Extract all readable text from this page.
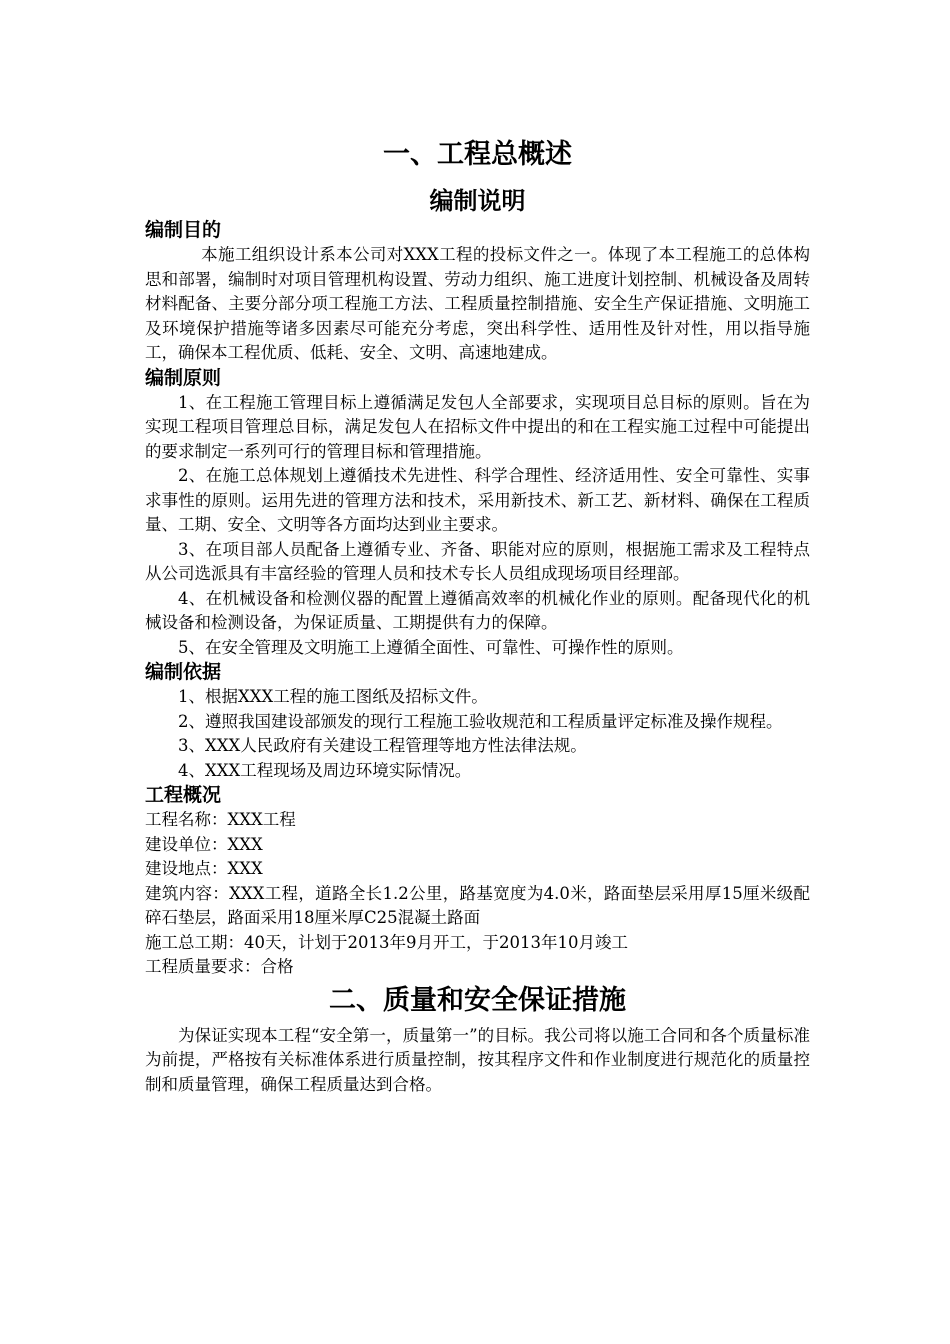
一、工程总概述
编制说明
编制目的

本施工组织设计系本公司对XXX工程的投标文件之一。体现了本工程施工的总体构思和部署，编制时对项目管理机构设置、劳动力组织、施工进度计划控制、机械设备及周转材料配备、主要分部分项工程施工方法、工程质量控制措施、安全生产保证措施、文明施工及环境保护措施等诸多因素尽可能充分考虑，突出科学性、适用性及针对性，用以指导施工，确保本工程优质、低耗、安全、文明、高速地建成。

编制原则

1、在工程施工管理目标上遵循满足发包人全部要求，实现项目总目标的原则。旨在为实现工程项目管理总目标，满足发包人在招标文件中提出的和在工程实施工过程中可能提出的要求制定一系列可行的管理目标和管理措施。

2、在施工总体规划上遵循技术先进性、科学合理性、经济适用性、安全可靠性、实事求事性的原则。运用先进的管理方法和技术，采用新技术、新工艺、新材料、确保在工程质量、工期、安全、文明等各方面均达到业主要求。

3、在项目部人员配备上遵循专业、齐备、职能对应的原则，根据施工需求及工程特点从公司选派具有丰富经验的管理人员和技术专长人员组成现场项目经理部。

4、在机械设备和检测仪器的配置上遵循高效率的机械化作业的原则。配备现代化的机械设备和检测设备，为保证质量、工期提供有力的保障。

5、在安全管理及文明施工上遵循全面性、可靠性、可操作性的原则。

编制依据

1、根据XXX工程的施工图纸及招标文件。

2、遵照我国建设部颁发的现行工程施工验收规范和工程质量评定标准及操作规程。

3、XXX人民政府有关建设工程管理等地方性法律法规。

4、XXX工程现场及周边环境实际情况。

工程概况

工程名称：XXX工程

建设单位：XXX

建设地点：XXX

建筑内容：XXX工程，道路全长1.2公里，路基宽度为4.0米，路面垫层采用厚15厘米级配碎石垫层，路面采用18厘米厚C25混凝土路面

施工总工期：40天，计划于2013年9月开工，于2013年10月竣工

工程质量要求：合格

二、质量和安全保证措施

为保证实现本工程“安全第一，质量第一”的目标。我公司将以施工合同和各个质量标准为前提，严格按有关标准体系进行质量控制，按其程序文件和作业制度进行规范化的质量控制和质量管理，确保工程质量达到合格。
